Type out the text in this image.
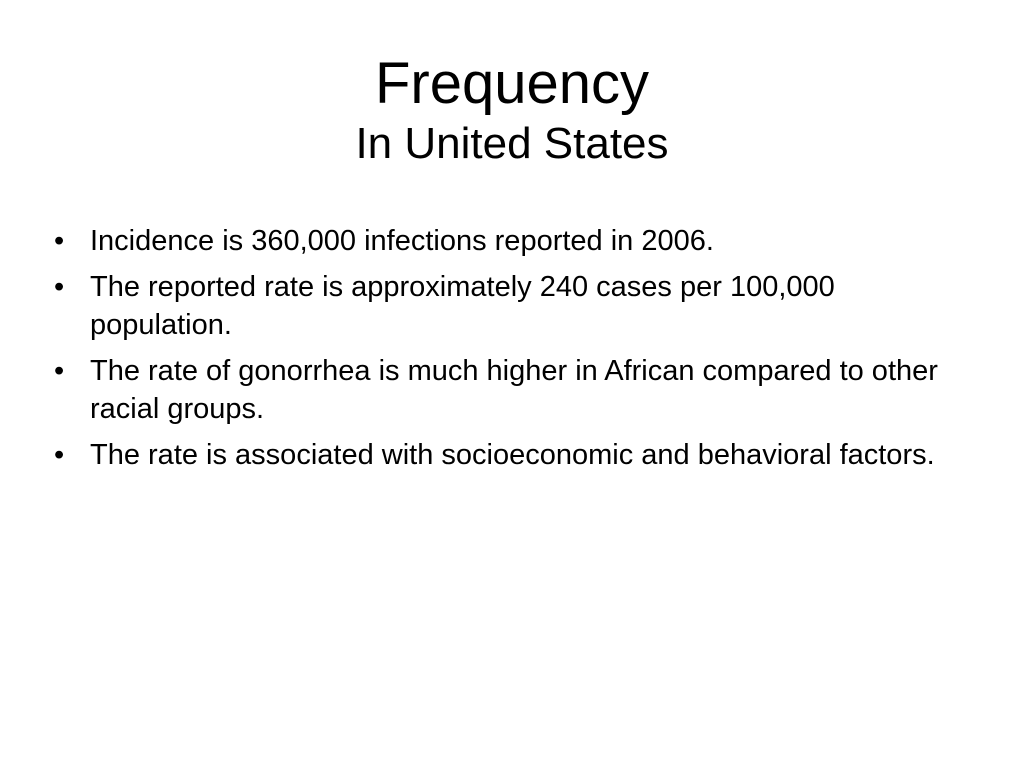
Frequency
In United States
• Incidence is 360,000 infections reported in 2006.
• The reported rate is approximately 240 cases per 100,000 population.
• The rate of gonorrhea is much higher in African compared to other racial groups.
• The rate is associated with socioeconomic and behavioral factors.
